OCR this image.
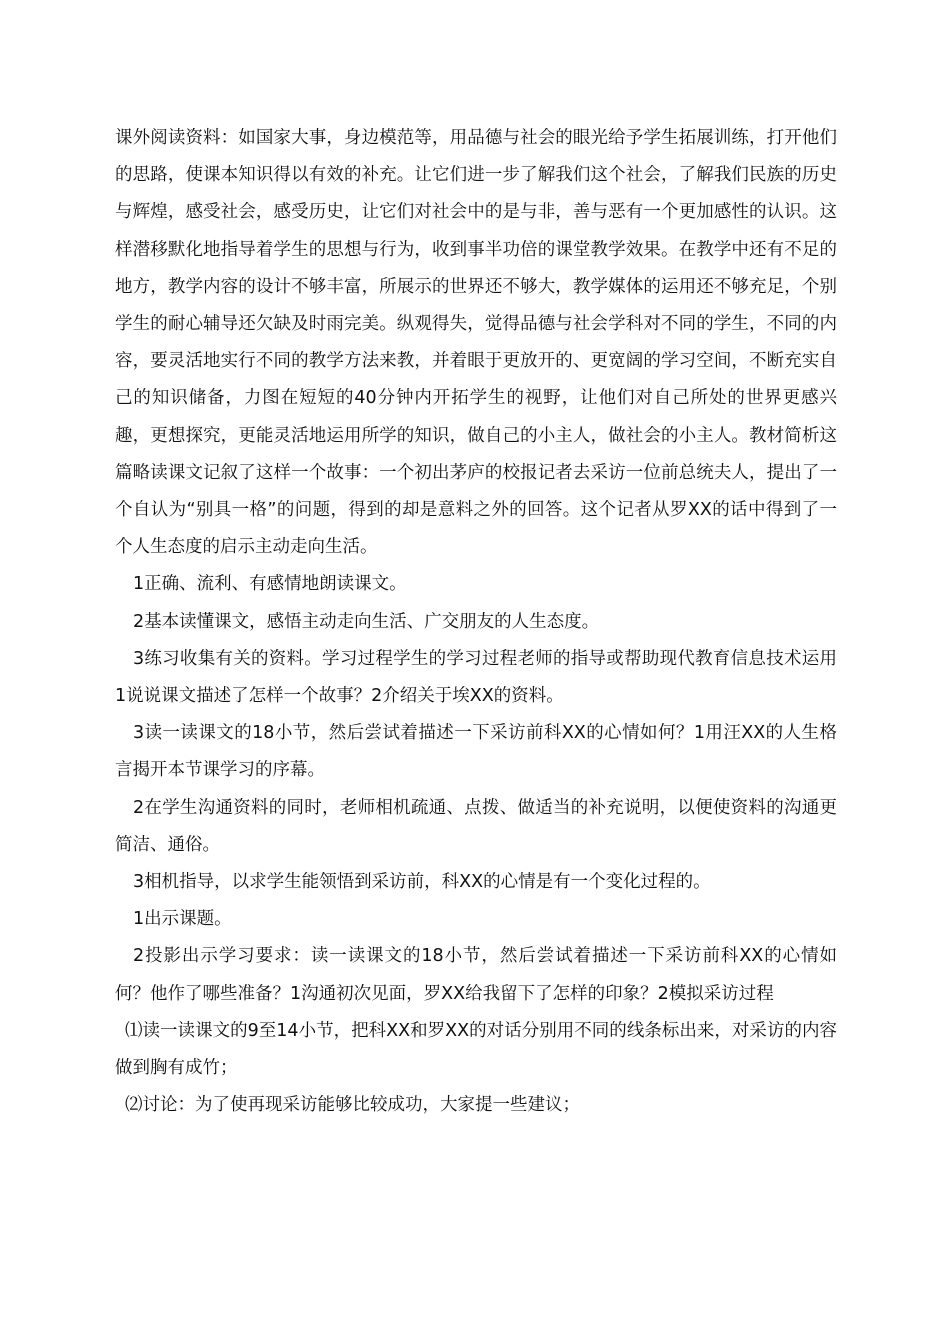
课外阅读资料：如国家大事，身边模范等，用品德与社会的眼光给予学生拓展训练，打开他们的思路，使课本知识得以有效的补充。让它们进一步了解我们这个社会，了解我们民族的历史与辉煌，感受社会，感受历史，让它们对社会中的是与非，善与恶有一个更加感性的认识。这样潜移默化地指导着学生的思想与行为，收到事半功倍的课堂教学效果。在教学中还有不足的地方，教学内容的设计不够丰富，所展示的世界还不够大，教学媒体的运用还不够充足，个别学生的耐心辅导还欠缺及时雨完美。纵观得失，觉得品德与社会学科对不同的学生，不同的内容，要灵活地实行不同的教学方法来教，并着眼于更放开的、更宽阔的学习空间，不断充实自己的知识储备，力图在短短的40分钟内开拓学生的视野，让他们对自己所处的世界更感兴趣，更想探究，更能灵活地运用所学的知识，做自己的小主人，做社会的小主人。教材简析这篇略读课文记叙了这样一个故事：一个初出茅庐的校报记者去采访一位前总统夫人，提出了一个自认为“别具一格”的问题，得到的却是意料之外的回答。这个记者从罗XX的话中得到了一个人生态度的启示主动走向生活。

1正确、流利、有感情地朗读课文。

2基本读懂课文，感悟主动走向生活、广交朋友的人生态度。

3练习收集有关的资料。学习过程学生的学习过程老师的指导或帮助现代教育信息技术运用1说说课文描述了怎样一个故事？2介绍关于埃XX的资料。

3读一读课文的18小节，然后尝试着描述一下采访前科XX的心情如何？1用汪XX的人生格言揭开本节课学习的序幕。

2在学生沟通资料的同时，老师相机疏通、点拨、做适当的补充说明，以便使资料的沟通更简洁、通俗。

3相机指导，以求学生能领悟到采访前，科XX的心情是有一个变化过程的。

1出示课题。

2投影出示学习要求：读一读课文的18小节，然后尝试着描述一下采访前科XX的心情如何？他作了哪些准备？1沟通初次见面，罗XX给我留下了怎样的印象？2模拟采访过程

⑴读一读课文的9至14小节，把科XX和罗XX的对话分别用不同的线条标出来，对采访的内容做到胸有成竹；

⑵讨论：为了使再现采访能够比较成功，大家提一些建议；
